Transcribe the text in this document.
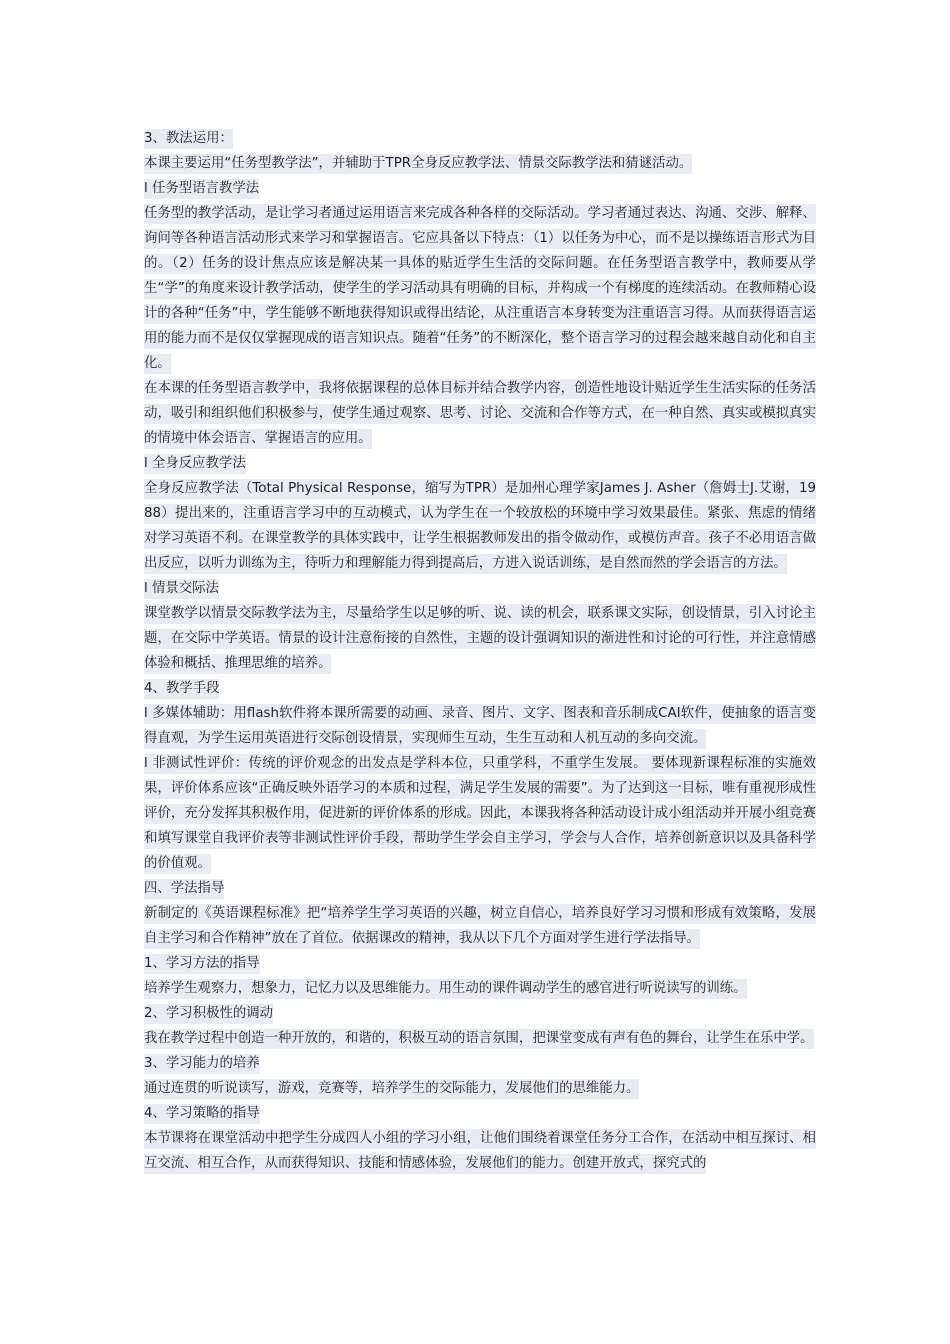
3、教法运用：

本课主要运用“任务型教学法”，并辅助于TPR全身反应教学法、情景交际教学法和猜谜活动。

l 任务型语言教学法

任务型的教学活动，是让学习者通过运用语言来完成各种各样的交际活动。学习者通过表达、沟通、交涉、解释、询问等各种语言活动形式来学习和掌握语言。它应具备以下特点：（1）以任务为中心，而不是以操练语言形式为目的。（2）任务的设计焦点应该是解决某一具体的贴近学生生活的交际问题。在任务型语言教学中，教师要从学生“学”的角度来设计教学活动，使学生的学习活动具有明确的目标，并构成一个有梯度的连续活动。在教师精心设计的各种“任务”中，学生能够不断地获得知识或得出结论，从注重语言本身转变为注重语言习得。从而获得语言运用的能力而不是仅仅掌握现成的语言知识点。随着“任务”的不断深化，整个语言学习的过程会越来越自动化和自主化。

在本课的任务型语言教学中，我将依据课程的总体目标并结合教学内容，创造性地设计贴近学生生活实际的任务活动，吸引和组织他们积极参与，使学生通过观察、思考、讨论、交流和合作等方式，在一种自然、真实或模拟真实的情境中体会语言、掌握语言的应用。

l 全身反应教学法

全身反应教学法（Total Physical Response，缩写为TPR）是加州心理学家James J. Asher（詹姆士J.艾谢，1988）提出来的，注重语言学习中的互动模式，认为学生在一个较放松的环境中学习效果最佳。紧张、焦虑的情绪对学习英语不利。在课堂教学的具体实践中，让学生根据教师发出的指令做动作，或模仿声音。孩子不必用语言做出反应，以听力训练为主，待听力和理解能力得到提高后，方进入说话训练，是自然而然的学会语言的方法。

l 情景交际法

课堂教学以情景交际教学法为主，尽量给学生以足够的听、说、读的机会，联系课文实际，创设情景，引入讨论主题，在交际中学英语。情景的设计注意衔接的自然性，主题的设计强调知识的渐进性和讨论的可行性，并注意情感体验和概括、推理思维的培养。

4、教学手段

l 多媒体辅助：用flash软件将本课所需要的动画、录音、图片、文字、图表和音乐制成CAI软件，使抽象的语言变得直观，为学生运用英语进行交际创设情景，实现师生互动，生生互动和人机互动的多向交流。

l 非测试性评价：传统的评价观念的出发点是学科本位，只重学科，不重学生发展。 要体现新课程标准的实施效果，评价体系应该“正确反映外语学习的本质和过程，满足学生发展的需要”。为了达到这一目标，唯有重视形成性评价，充分发挥其积极作用，促进新的评价体系的形成。因此，本课我将各种活动设计成小组活动并开展小组竞赛和填写课堂自我评价表等非测试性评价手段，帮助学生学会自主学习，学会与人合作，培养创新意识以及具备科学的价值观。

四、学法指导

新制定的《英语课程标准》把“培养学生学习英语的兴趣，树立自信心，培养良好学习习惯和形成有效策略，发展自主学习和合作精神”放在了首位。依据课改的精神，我从以下几个方面对学生进行学法指导。

1、学习方法的指导

培养学生观察力，想象力，记忆力以及思维能力。用生动的课件调动学生的感官进行听说读写的训练。

2、学习积极性的调动

我在教学过程中创造一种开放的，和谐的，积极互动的语言氛围，把课堂变成有声有色的舞台，让学生在乐中学。

3、学习能力的培养

通过连贯的听说读写，游戏，竞赛等，培养学生的交际能力，发展他们的思维能力。

4、学习策略的指导

本节课将在课堂活动中把学生分成四人小组的学习小组，让他们围绕着课堂任务分工合作，在活动中相互探讨、相互交流、相互合作，从而获得知识、技能和情感体验，发展他们的能力。创建开放式，探究式的
